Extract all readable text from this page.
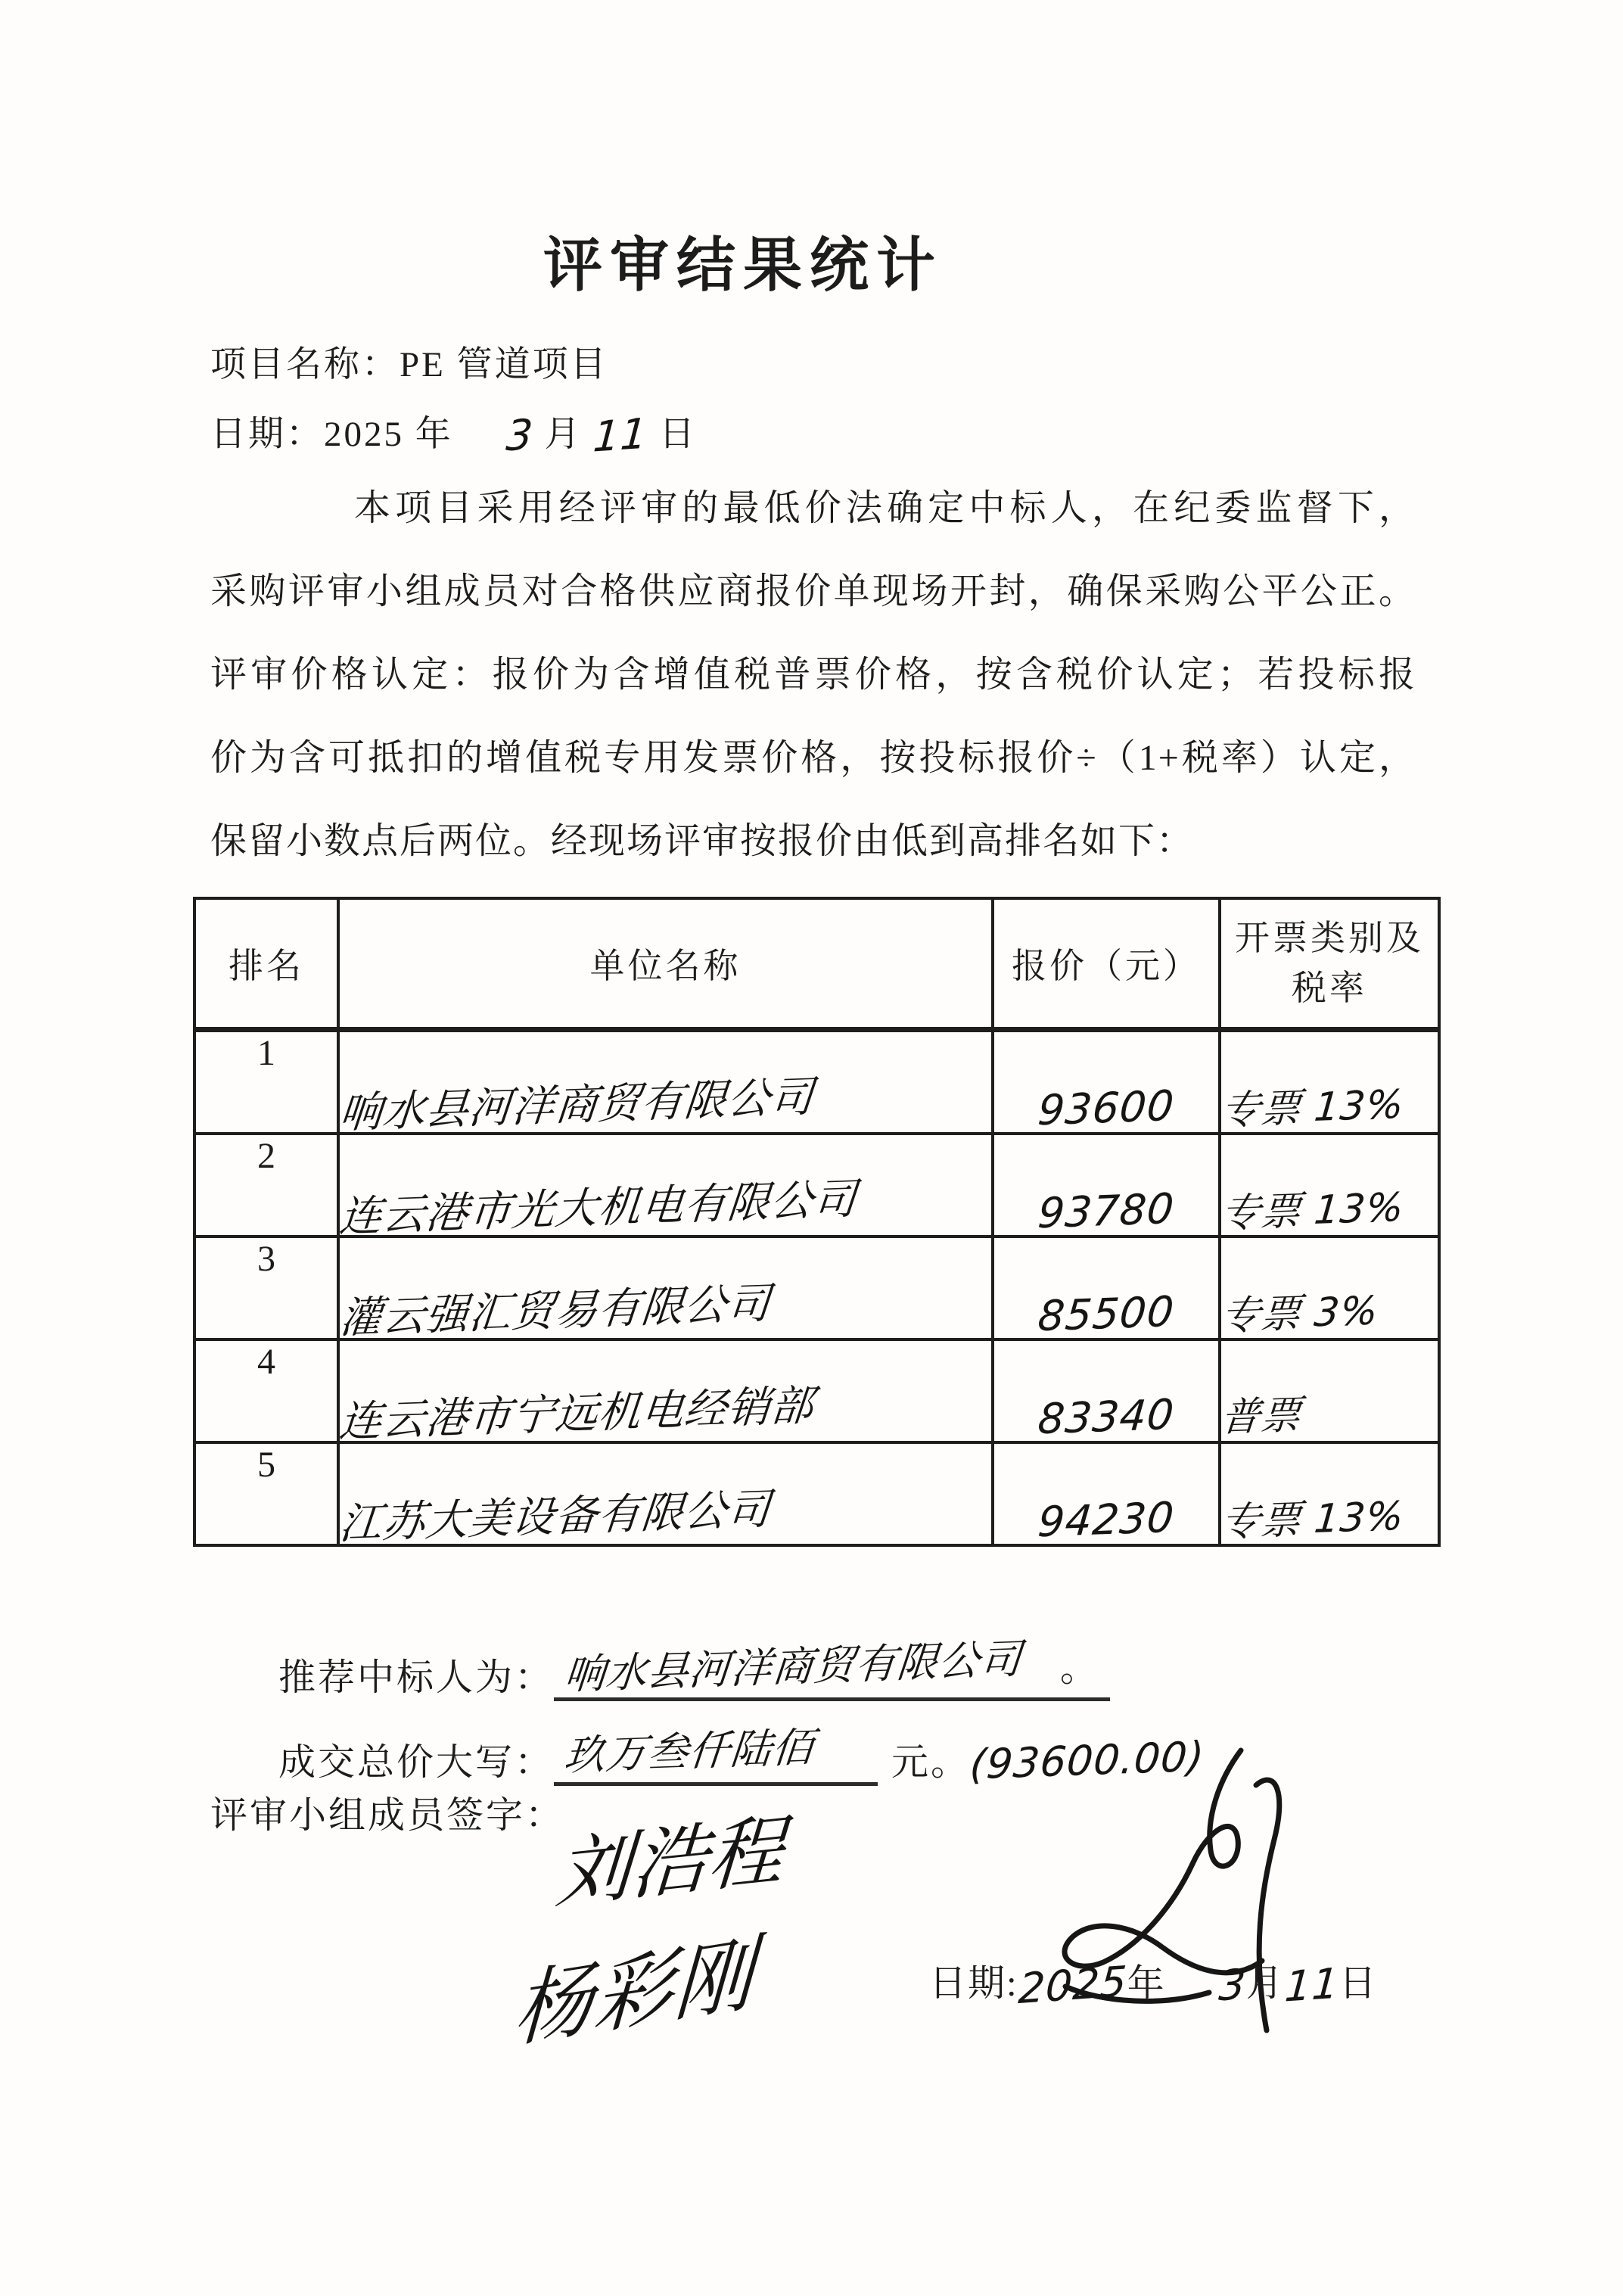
评审结果统计
项目名称：PE 管道项目
日期：2025 年 3 月 11 日
本项目采用经评审的最低价法确定中标人，在纪委监督下，
采购评审小组成员对合格供应商报价单现场开封，确保采购公平公正。
评审价格认定：报价为含增值税普票价格，按含税价认定；若投标报
价为含可抵扣的增值税专用发票价格，按投标报价÷（1+税率）认定，
保留小数点后两位。经现场评审按报价由低到高排名如下：
排名	单位名称	报价（元）	开票类别及
税率

1	响水县河洋商贸有限公司	93600	专票 13%
2	连云港市光大机电有限公司	93780	专票 13%
3	灌云强汇贸易有限公司	85500	专票 3%
4	连云港市宁远机电经销部	83340	普票
5	江苏大美设备有限公司	94230	专票 13%
推荐中标人为： 响水县河洋商贸有限公司 。
成交总价大写： 玖万叁仟陆佰 元。(93600.00)
评审小组成员签字：
刘浩程
杨彩刚	日期:2025年 3月11日
